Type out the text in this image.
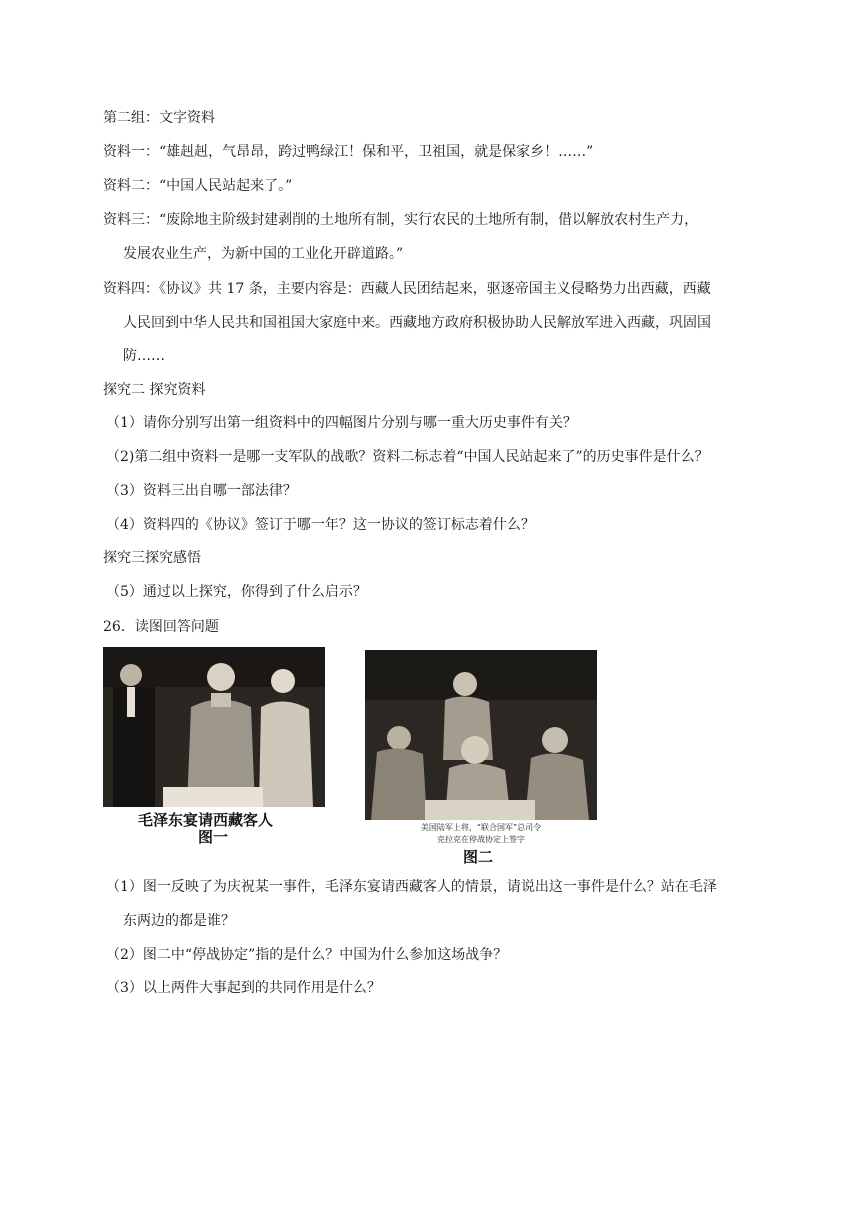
第二组：文字资料
资料一：“雄赳赳，气昂昂，跨过鸭绿江！保和平，卫祖国，就是保家乡！……”
资料二：“中国人民站起来了。”
资料三：“废除地主阶级封建剥削的土地所有制，实行农民的土地所有制，借以解放农村生产力，
发展农业生产，为新中国的工业化开辟道路。”
资料四：《协议》共 17 条，主要内容是：西藏人民团结起来，驱逐帝国主义侵略势力出西藏，西藏
人民回到中华人民共和国祖国大家庭中来。西藏地方政府积极协助人民解放军进入西藏，巩固国
防……
探究二 探究资料
（1）请你分别写出第一组资料中的四幅图片分别与哪一重大历史事件有关？
（2)第二组中资料一是哪一支军队的战歌？资料二标志着“中国人民站起来了”的历史事件是什么？
（3）资料三出自哪一部法律？
（4）资料四的《协议》签订于哪一年？这一协议的签订标志着什么？
探究三探究感悟
（5）通过以上探究，你得到了什么启示？
26．读图回答问题
毛泽东宴请西藏客人
图一
美国陆军上将，“联合国军”总司令
克拉克在停战协定上签字
图二
（1）图一反映了为庆祝某一事件，毛泽东宴请西藏客人的情景，请说出这一事件是什么？站在毛泽
东两边的都是谁？
（2）图二中“停战协定”指的是什么？中国为什么参加这场战争？
（3）以上两件大事起到的共同作用是什么？
